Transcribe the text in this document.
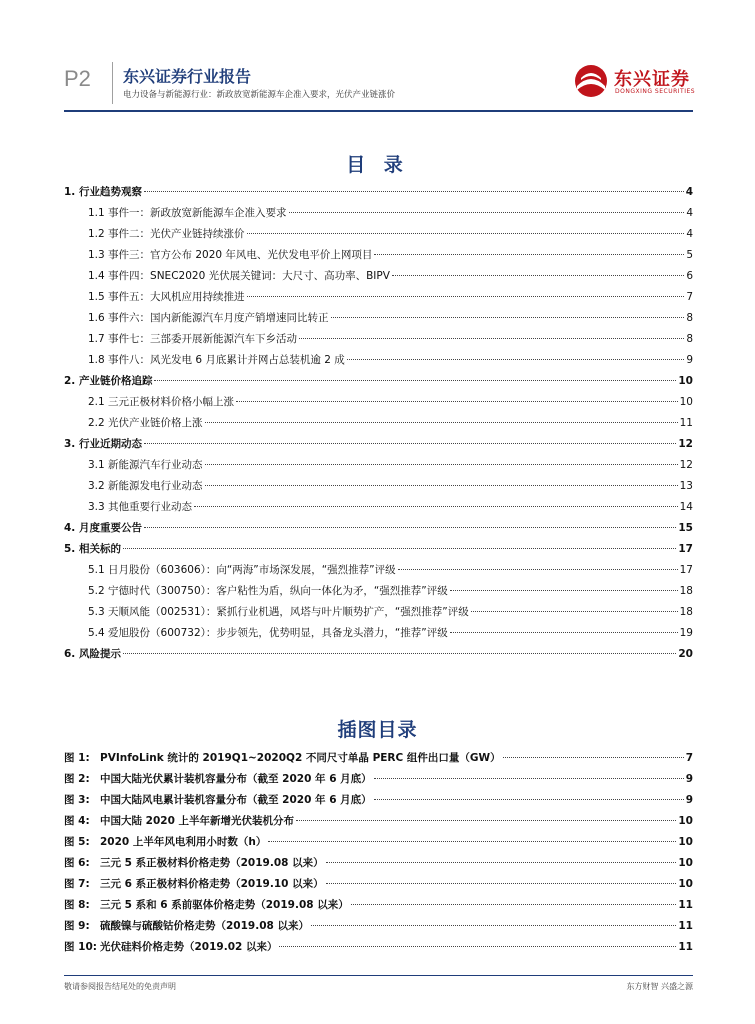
P2 东兴证券行业报告
电力设备与新能源行业：新政放宽新能源车企准入要求，光伏产业链涨价
东兴证券
DONGXING SECURITIES
目 录
1. 行业趋势观察	4
1.1 事件一：新政放宽新能源车企准入要求	4
1.2 事件二：光伏产业链持续涨价	4
1.3 事件三：官方公布 2020 年风电、光伏发电平价上网项目	5
1.4 事件四：SNEC2020 光伏展关键词：大尺寸、高功率、BIPV	6
1.5 事件五：大风机应用持续推进	7
1.6 事件六：国内新能源汽车月度产销增速同比转正	8
1.7 事件七：三部委开展新能源汽车下乡活动	8
1.8 事件八：风光发电 6 月底累计并网占总装机逾 2 成	9
2. 产业链价格追踪	10
2.1 三元正极材料价格小幅上涨	10
2.2 光伏产业链价格上涨	11
3. 行业近期动态	12
3.1 新能源汽车行业动态	12
3.2 新能源发电行业动态	13
3.3 其他重要行业动态	14
4. 月度重要公告	15
5. 相关标的	17
5.1 日月股份（603606）：向“两海”市场深发展，“强烈推荐”评级	17
5.2 宁德时代（300750）：客户粘性为盾，纵向一体化为矛，“强烈推荐”评级	18
5.3 天顺风能（002531）：紧抓行业机遇，风塔与叶片顺势扩产，“强烈推荐”评级	18
5.4 爱旭股份（600732）：步步领先，优势明显，具备龙头潜力，“推荐”评级	19
6. 风险提示	20
插图目录
图 1: PVInfoLink 统计的 2019Q1~2020Q2 不同尺寸单晶 PERC 组件出口量（GW）	7
图 2: 中国大陆光伏累计装机容量分布（截至 2020 年 6 月底）	9
图 3: 中国大陆风电累计装机容量分布（截至 2020 年 6 月底）	9
图 4: 中国大陆 2020 上半年新增光伏装机分布	10
图 5: 2020 上半年风电利用小时数（h）	10
图 6: 三元 5 系正极材料价格走势（2019.08 以来）	10
图 7: 三元 6 系正极材料价格走势（2019.10 以来）	10
图 8: 三元 5 系和 6 系前驱体价格走势（2019.08 以来）	11
图 9: 硫酸镍与硫酸钴价格走势（2019.08 以来）	11
图 10: 光伏硅料价格走势（2019.02 以来）	11
敬请参阅报告结尾处的免责声明	东方财智 兴盛之源
